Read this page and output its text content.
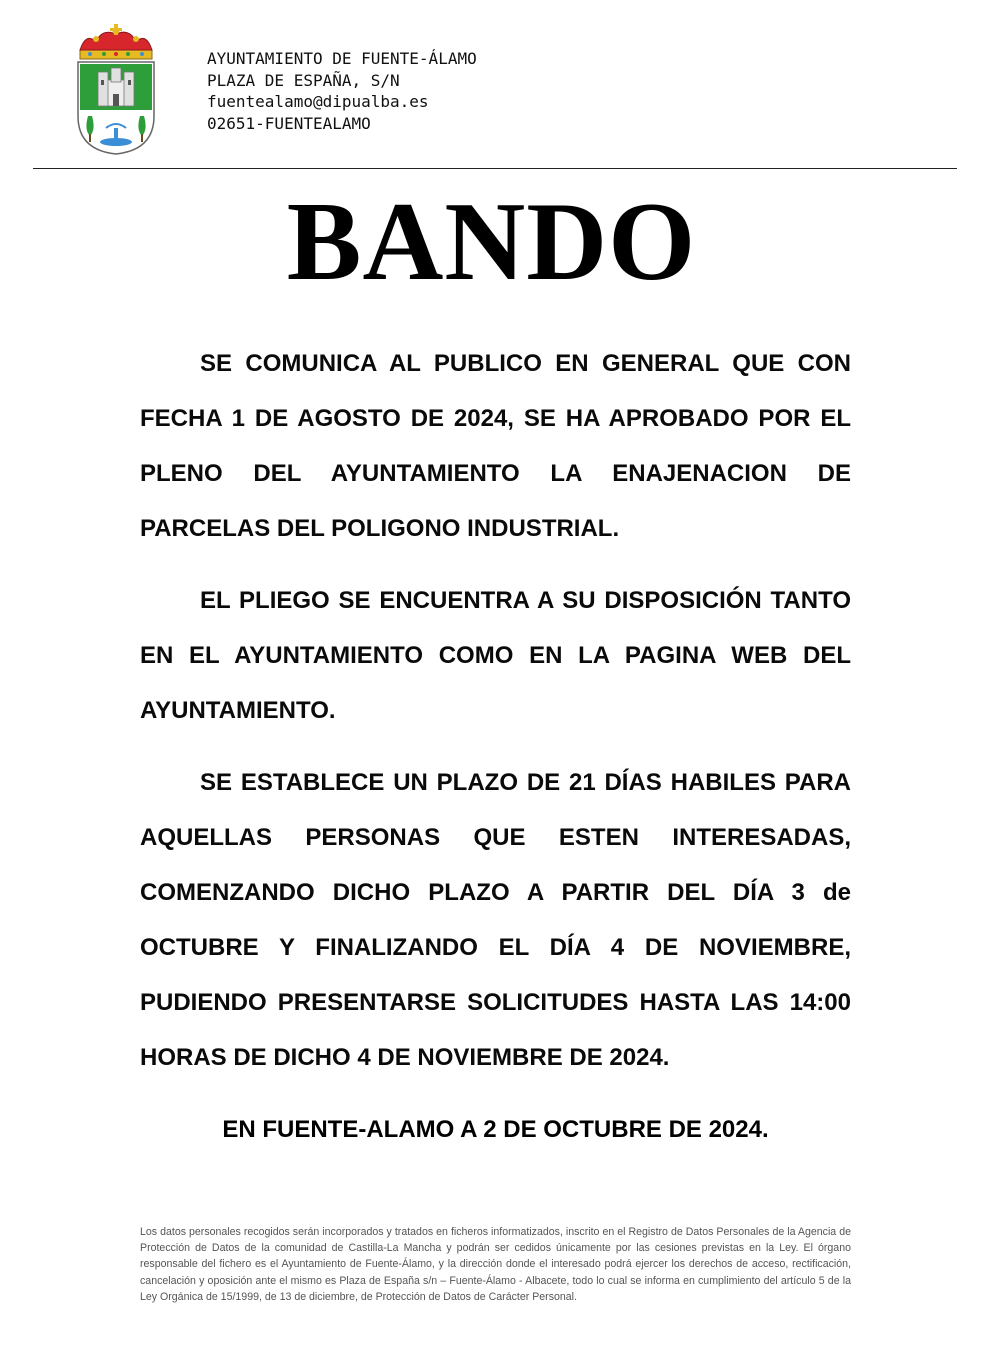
AYUNTAMIENTO DE FUENTE-ÁLAMO
PLAZA DE ESPAÑA, S/N
fuentealamo@dipualba.es
02651-FUENTEALAMO
BANDO
SE COMUNICA AL PUBLICO EN GENERAL QUE CON FECHA 1 DE AGOSTO DE 2024, SE HA APROBADO POR EL PLENO DEL AYUNTAMIENTO LA ENAJENACION DE PARCELAS DEL POLIGONO INDUSTRIAL.
EL PLIEGO SE ENCUENTRA A SU DISPOSICIÓN TANTO EN EL AYUNTAMIENTO COMO EN LA PAGINA WEB DEL AYUNTAMIENTO.
SE ESTABLECE UN PLAZO DE 21 DÍAS HABILES PARA AQUELLAS PERSONAS QUE ESTEN INTERESADAS, COMENZANDO DICHO PLAZO A PARTIR DEL DÍA 3 de OCTUBRE Y FINALIZANDO EL DÍA 4 DE NOVIEMBRE, PUDIENDO PRESENTARSE SOLICITUDES HASTA LAS 14:00 HORAS DE DICHO 4 DE NOVIEMBRE DE 2024.
EN FUENTE-ALAMO A 2 DE OCTUBRE DE 2024.
Los datos personales recogidos serán incorporados y tratados en ficheros informatizados, inscrito en el Registro de Datos Personales de la Agencia de Protección de Datos de la comunidad de Castilla-La Mancha y podrán ser cedidos únicamente por las cesiones previstas en la Ley. El órgano responsable del fichero es el Ayuntamiento de Fuente-Álamo, y la dirección donde el interesado podrá ejercer los derechos de acceso, rectificación, cancelación y oposición ante el mismo es Plaza de España s/n – Fuente-Álamo - Albacete, todo lo cual se informa en cumplimiento del artículo 5 de la Ley Orgánica de 15/1999, de 13 de diciembre, de Protección de Datos de Carácter Personal.
